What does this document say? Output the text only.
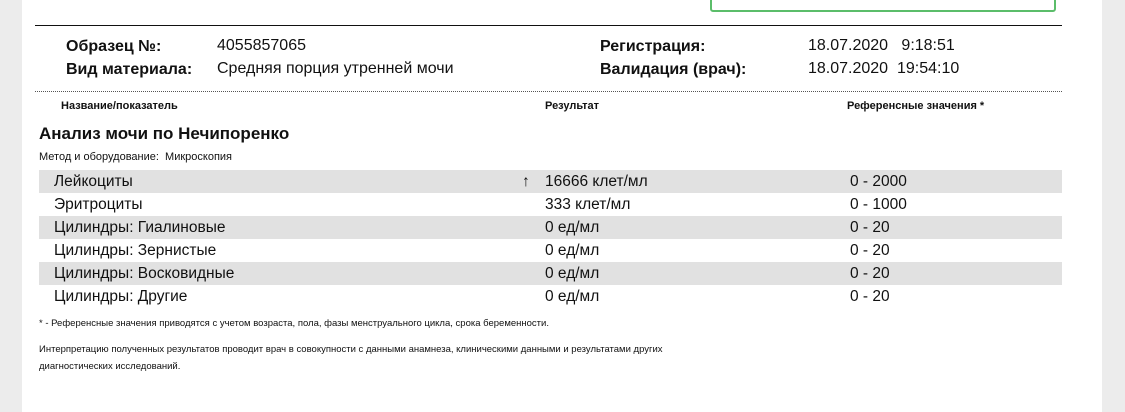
Образец №:	4055857065
Вид материала: Средняя порция утренней мочи
Регистрация:	18.07.2020   9:18:51
Валидация (врач):	18.07.2020  19:54:10
Название/показатель	Результат	Референсные значения *
Анализ мочи по Нечипоренко
Метод и оборудование:  Микроскопия
Лейкоциты	↑ 16666 клет/мл	0 - 2000
Эритроциты	333 клет/мл	0 - 1000
Цилиндры: Гиалиновые	0 ед/мл	0 - 20
Цилиндры: Зернистые	0 ед/мл	0 - 20
Цилиндры: Восковидные	0 ед/мл	0 - 20
Цилиндры: Другие	0 ед/мл	0 - 20
* - Референсные значения приводятся с учетом возраста, пола, фазы менструального цикла, срока беременности.
Интерпретацию полученных результатов проводит врач в совокупности с данными анамнеза, клиническими данными и результатами других
диагностических исследований.
